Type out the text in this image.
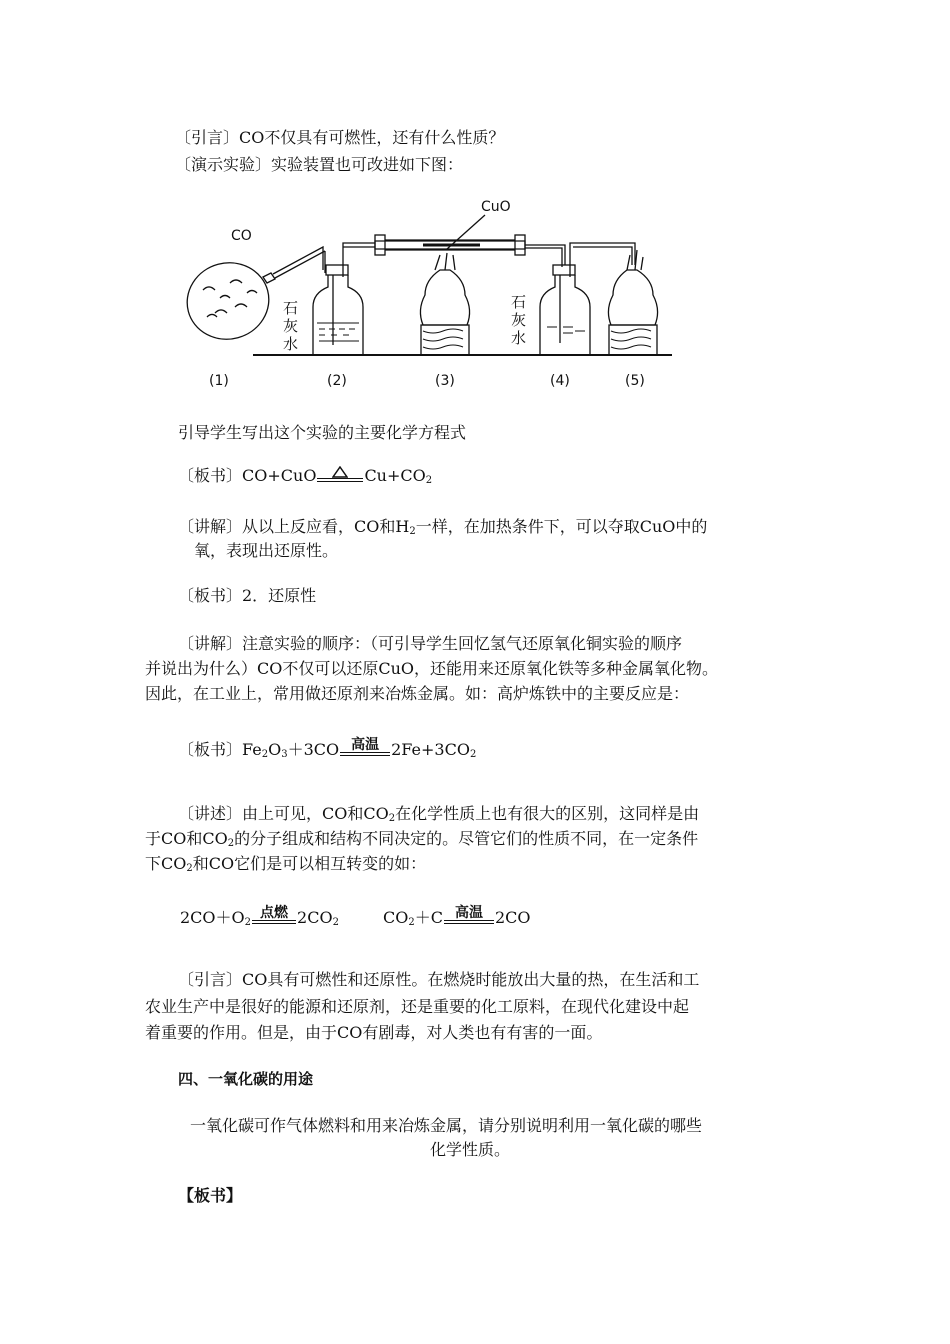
〔引言〕CO不仅具有可燃性，还有什么性质？
〔演示实验〕实验装置也可改进如下图：
CO
CuO
石
灰
水
石
灰
水
(1)	(2)	(3)	(4)	(5)
引导学生写出这个实验的主要化学方程式
〔板书〕CO+CuO	$Cu+CO_2$
〔讲解〕从以上反应看，CO和$H_2$一样，在加热条件下，可以夺取CuO中的
氧，表现出还原性。
〔板书〕2．还原性
〔讲解〕注意实验的顺序：（可引导学生回忆氢气还原氧化铜实验的顺序
并说出为什么）CO不仅可以还原CuO，还能用来还原氧化铁等多种金属氧化物。
因此，在工业上，常用做还原剂来冶炼金属。如：高炉炼铁中的主要反应是：
〔板书〕$Fe_2O_3+3CO$ 高温 $2Fe+3CO_2$
〔讲述〕由上可见，CO和$CO_2$在化学性质上也有很大的区别，这同样是由
于CO和$CO_2$的分子组成和结构不同决定的。尽管它们的性质不同，在一定条件
下$CO_2$和CO它们是可以相互转变的如：
$2CO+O_2$
点燃 $2CO_2$	$CO_2+C$ 高温 2CO
〔引言〕CO具有可燃性和还原性。在燃烧时能放出大量的热，在生活和工
农业生产中是很好的能源和还原剂，还是重要的化工原料，在现代化建设中起
着重要的作用。但是，由于CO有剧毒，对人类也有有害的一面。
四、一氧化碳的用途
一氧化碳可作气体燃料和用来冶炼金属，请分别说明利用一氧化碳的哪些
化学性质。
【板书】
